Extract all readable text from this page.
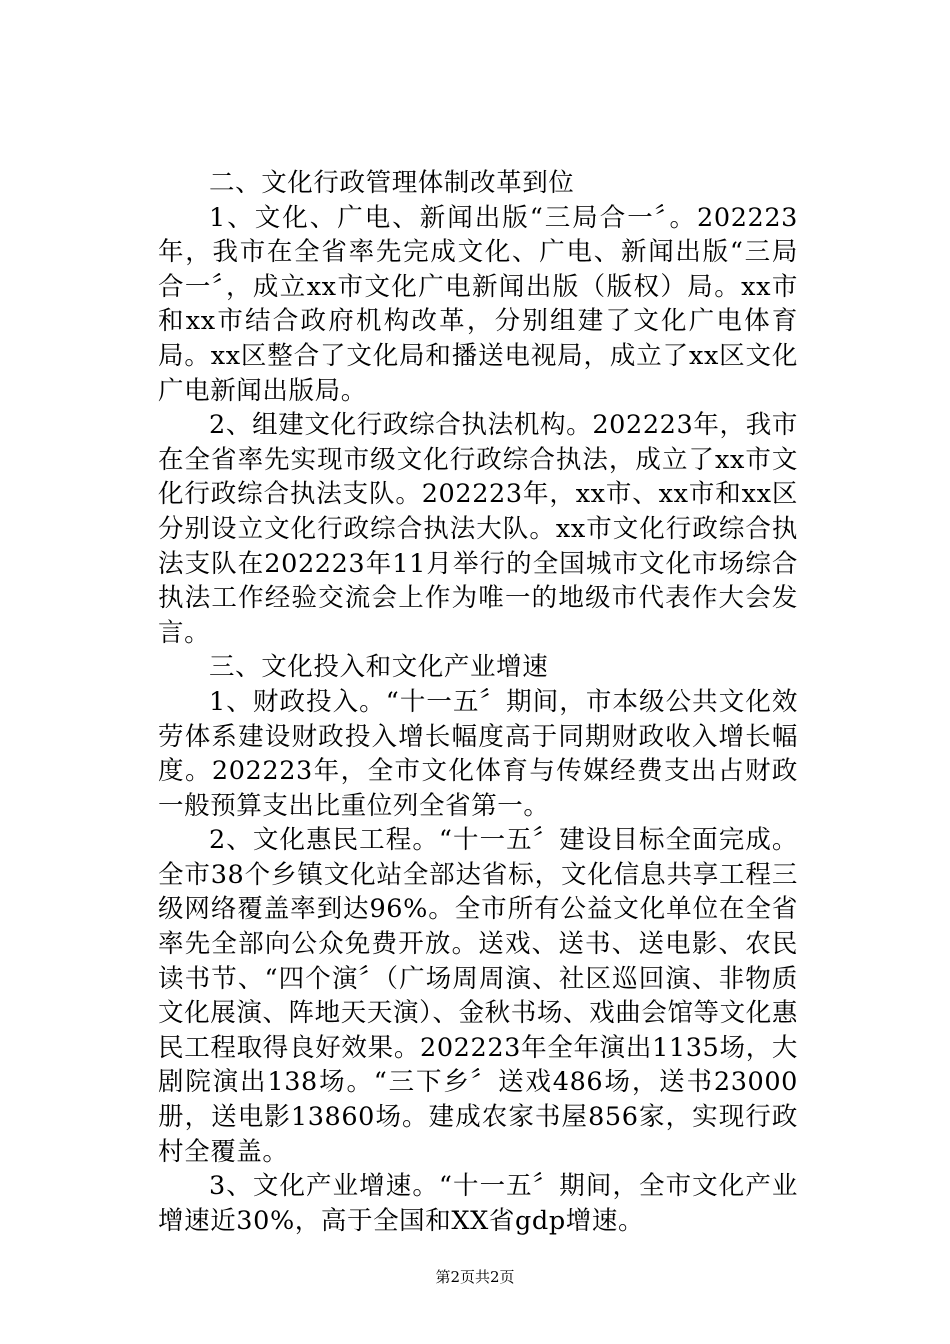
二、文化行政管理体制改革到位

1、文化、广电、新闻出版“三局合一〞。202223年，我市在全省率先完成文化、广电、新闻出版“三局合一〞，成立xx市文化广电新闻出版（版权）局。xx市和xx市结合政府机构改革，分别组建了文化广电体育局。xx区整合了文化局和播送电视局，成立了xx区文化广电新闻出版局。

2、组建文化行政综合执法机构。202223年，我市在全省率先实现市级文化行政综合执法，成立了xx市文化行政综合执法支队。202223年，xx市、xx市和xx区分别设立文化行政综合执法大队。xx市文化行政综合执法支队在202223年11月举行的全国城市文化市场综合执法工作经验交流会上作为唯一的地级市代表作大会发言。

三、文化投入和文化产业增速

1、财政投入。“十一五〞期间，市本级公共文化效劳体系建设财政投入增长幅度高于同期财政收入增长幅度。202223年，全市文化体育与传媒经费支出占财政一般预算支出比重位列全省第一。

2、文化惠民工程。“十一五〞建设目标全面完成。全市38个乡镇文化站全部达省标，文化信息共享工程三级网络覆盖率到达96%。全市所有公益文化单位在全省率先全部向公众免费开放。送戏、送书、送电影、农民读书节、“四个演〞（广场周周演、社区巡回演、非物质文化展演、阵地天天演）、金秋书场、戏曲会馆等文化惠民工程取得良好效果。202223年全年演出1135场，大剧院演出138场。“三下乡〞送戏486场，送书23000册，送电影13860场。建成农家书屋856家，实现行政村全覆盖。

3、文化产业增速。“十一五〞期间，全市文化产业增速近30%，高于全国和XX省gdp增速。

第2页共2页
